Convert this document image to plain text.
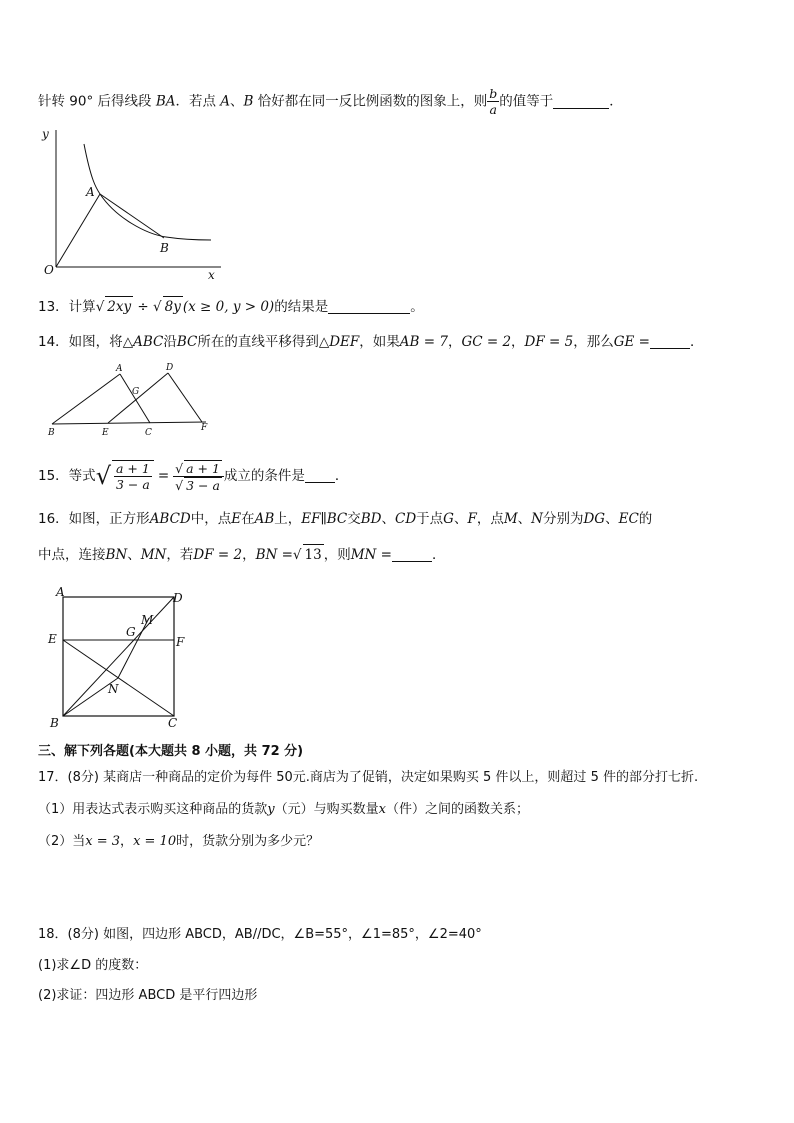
针转 90° 后得线段 BA．若点 A、B 恰好都在同一反比例函数的图象上，则 $\frac{b}{a}$ 的值等于	．
y
x
O
A
B
13．计算√ 2xy ÷ √ 8y (x ≥ 0, y > 0)的结果是	。
14．如图，将△ABC沿BC所在的直线平移得到△DEF，如果AB = 7，GC = 2，DF = 5，那么GE =	．
A	D
G
B	E	C	F
15．等式√ $\frac{a + 1}{3 - a} = \frac{√ a + 1}{√ 3 - a}$ 成立的条件是 ．
16．如图，正方形ABCD中，点E在AB上，EF∥BC交BD、CD于点G、F，点M、N分别为DG、EC的
中点，连接BN、MN，若DF = 2，BN =√ 13 ，则MN =	．
A	D
M
G
E	F
N
B	C
三、解下列各题(本大题共 8 小题，共 72 分)
17．(8分) 某商店一种商品的定价为每件 50元.商店为了促销，决定如果购买 5 件以上，则超过 5 件的部分打七折.
（1）用表达式表示购买这种商品的货款y（元）与购买数量x（件）之间的函数关系；
（2）当x = 3，x = 10时，货款分别为多少元？
18．(8分) 如图，四边形 ABCD，AB//DC，∠B=55°，∠1=85°，∠2=40°
(1)求∠D 的度数：
(2)求证：四边形 ABCD 是平行四边形
